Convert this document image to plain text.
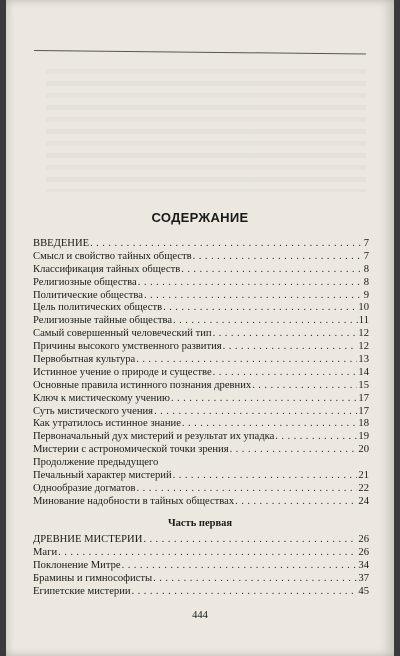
СОДЕРЖАНИЕ
ВВЕДЕНИЕ . . .	7
Смысл и свойство тайных обществ . . .	7
Классификация тайных обществ . . .	8
Религиозные общества . . .	8
Политические общества . . .	9
Цель политических обществ . . .	10
Религиозные тайные общества . . .	11
Самый совершенный человеческий тип . . .	12
Причины высокого умственного развития . . .	12
Первобытная культура . . .	13
Истинное учение о природе и существе . . .	14
Основные правила истинного познания древних . . .	15
Ключ к мистическому учению . . .	17
Суть мистического учения . . .	17
Как утратилось истинное знание . . .	18
Первоначальный дух мистерий и результат их упадка . . .	19
Мистерии с астрономической точки зрения . . .	20
Продолжение предыдущего
Печальный характер мистерий . . .	21
Однообразие догматов . . .	22
Минование надобности в тайных обществах . . .	24
Часть первая
ДРЕВНИЕ МИСТЕРИИ . . .	26
Маги . . .	26
Поклонение Митре . . .	34
Брамины и гимнософисты . . .	37
Египетские мистерии . . .	45
444
